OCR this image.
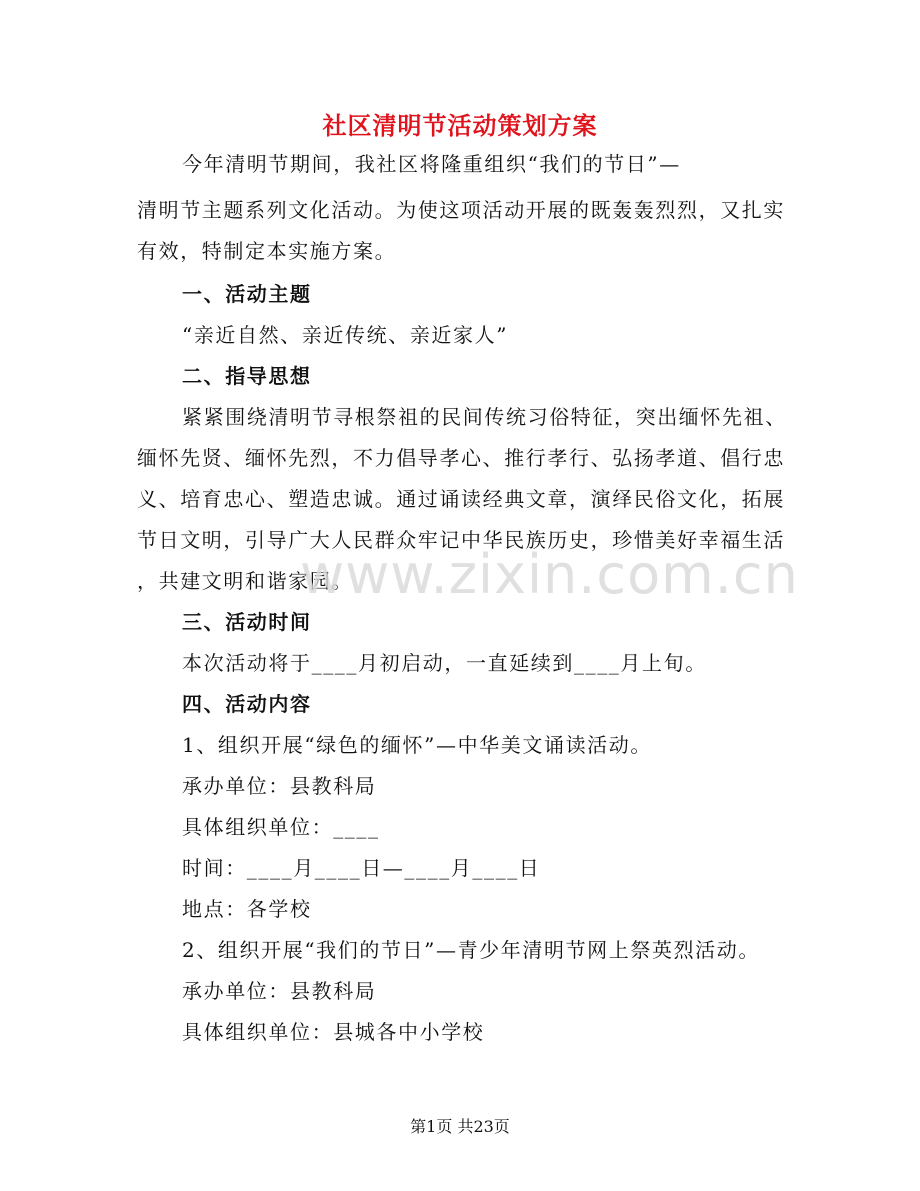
社区清明节活动策划方案
今年清明节期间，我社区将隆重组织“我们的节日”—
清明节主题系列文化活动。为使这项活动开展的既轰轰烈烈，又扎实
有效，特制定本实施方案。
一、活动主题
“亲近自然、亲近传统、亲近家人”
二、指导思想
紧紧围绕清明节寻根祭祖的民间传统习俗特征，突出缅怀先祖、
缅怀先贤、缅怀先烈，不力倡导孝心、推行孝行、弘扬孝道、倡行忠
义、培育忠心、塑造忠诚。通过诵读经典文章，演绎民俗文化，拓展
节日文明，引导广大人民群众牢记中华民族历史，珍惜美好幸福生活
，共建文明和谐家园。
三、活动时间
本次活动将于____月初启动，一直延续到____月上旬。
四、活动内容
1、组织开展“绿色的缅怀”—中华美文诵读活动。
承办单位：县教科局
具体组织单位：____
时间：____月____日—____月____日
地点：各学校
2、组织开展“我们的节日”—青少年清明节网上祭英烈活动。
承办单位：县教科局
具体组织单位：县城各中小学校
www.zixin.com.cn
第1页 共23页
